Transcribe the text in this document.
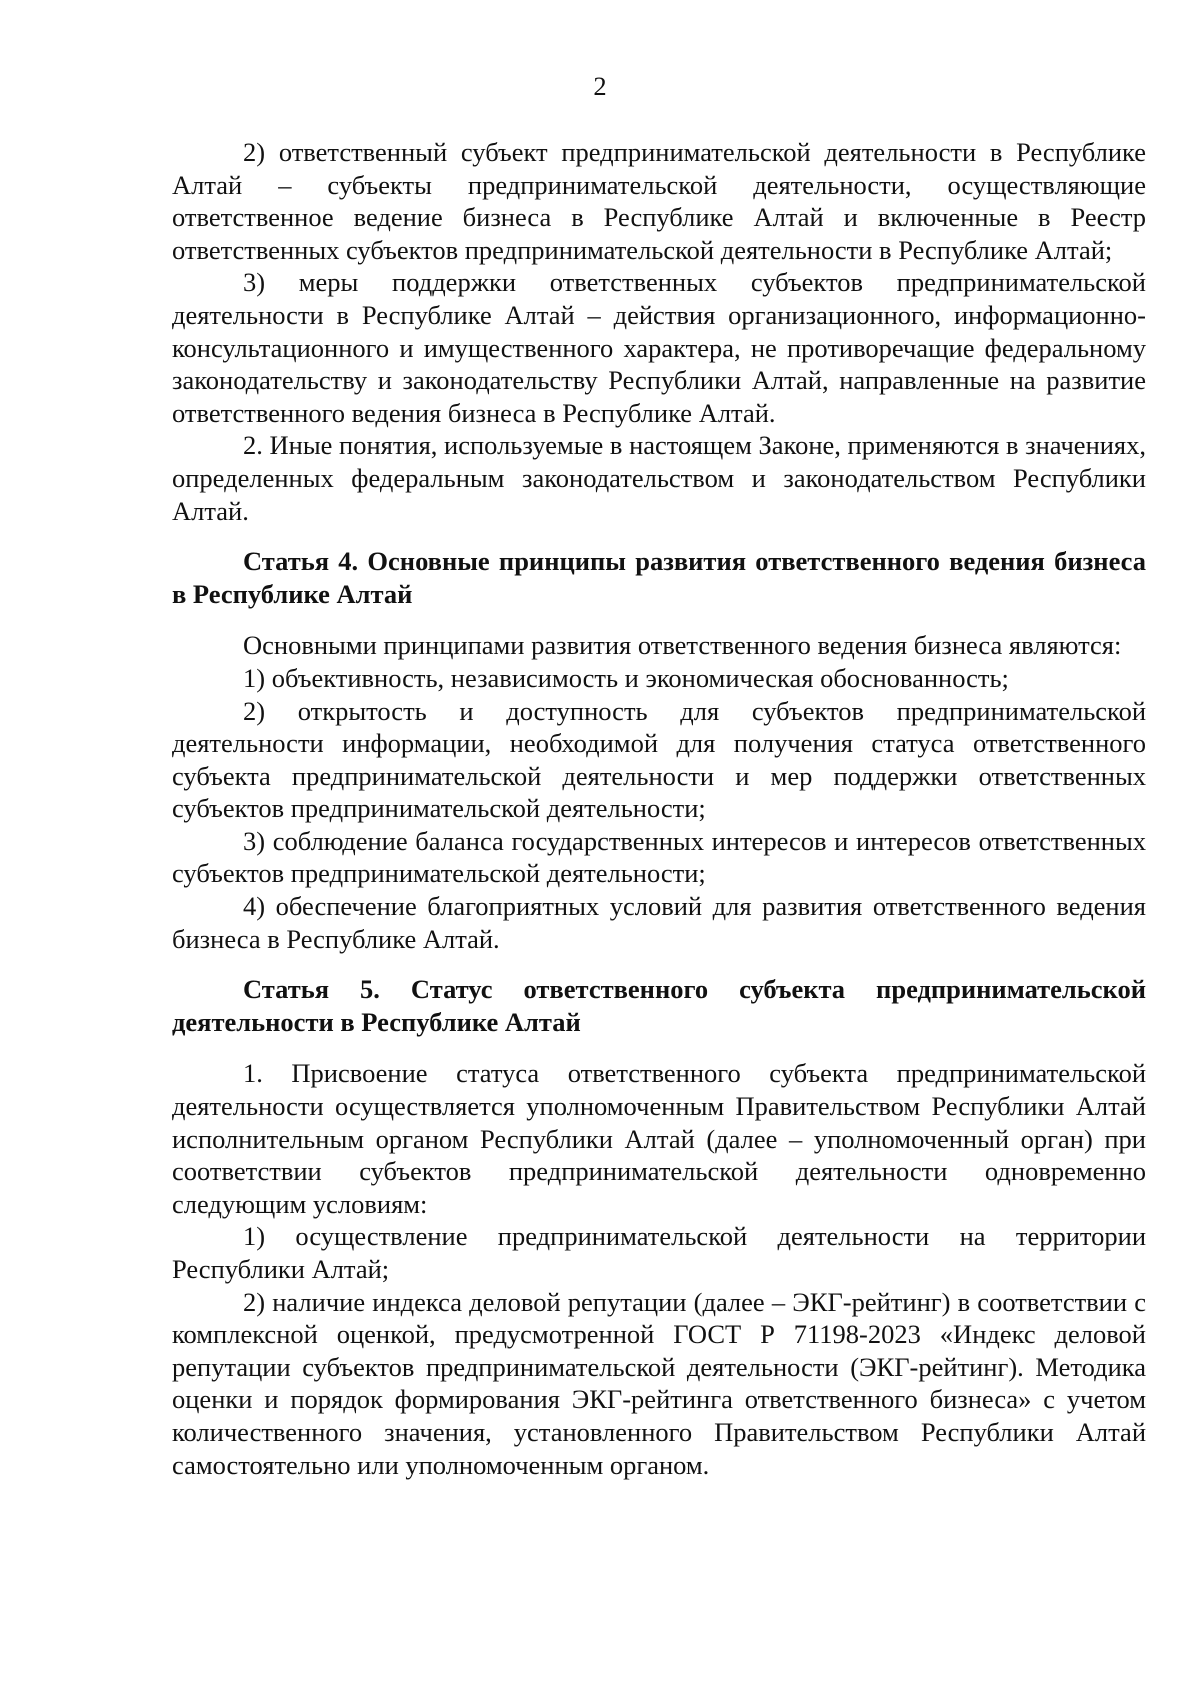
2

2) ответственный субъект предпринимательской деятельности в Республике Алтай – субъекты предпринимательской деятельности, осуществляющие ответственное ведение бизнеса в Республике Алтай и включенные в Реестр ответственных субъектов предпринимательской деятельности в Республике Алтай;

3) меры поддержки ответственных субъектов предпринимательской деятельности в Республике Алтай – действия организационного, информационно-консультационного и имущественного характера, не противоречащие федеральному законодательству и законодательству Республики Алтай, направленные на развитие ответственного ведения бизнеса в Республике Алтай.

2. Иные понятия, используемые в настоящем Законе, применяются в значениях, определенных федеральным законодательством и законодательством Республики Алтай.

Статья 4. Основные принципы развития ответственного ведения бизнеса в Республике Алтай

Основными принципами развития ответственного ведения бизнеса являются:

1) объективность, независимость и экономическая обоснованность;

2) открытость и доступность для субъектов предпринимательской деятельности информации, необходимой для получения статуса ответственного субъекта предпринимательской деятельности и мер поддержки ответственных субъектов предпринимательской деятельности;

3) соблюдение баланса государственных интересов и интересов ответственных субъектов предпринимательской деятельности;

4) обеспечение благоприятных условий для развития ответственного ведения бизнеса в Республике Алтай.

Статья 5. Статус ответственного субъекта предпринимательской деятельности в Республике Алтай

1. Присвоение статуса ответственного субъекта предпринимательской деятельности осуществляется уполномоченным Правительством Республики Алтай исполнительным органом Республики Алтай (далее – уполномоченный орган) при соответствии субъектов предпринимательской деятельности одновременно следующим условиям:

1) осуществление предпринимательской деятельности на территории Республики Алтай;

2) наличие индекса деловой репутации (далее – ЭКГ-рейтинг) в соответствии с комплексной оценкой, предусмотренной ГОСТ Р 71198-2023 «Индекс деловой репутации субъектов предпринимательской деятельности (ЭКГ-рейтинг). Методика оценки и порядок формирования ЭКГ-рейтинга ответственного бизнеса» с учетом количественного значения, установленного Правительством Республики Алтай самостоятельно или уполномоченным органом.
